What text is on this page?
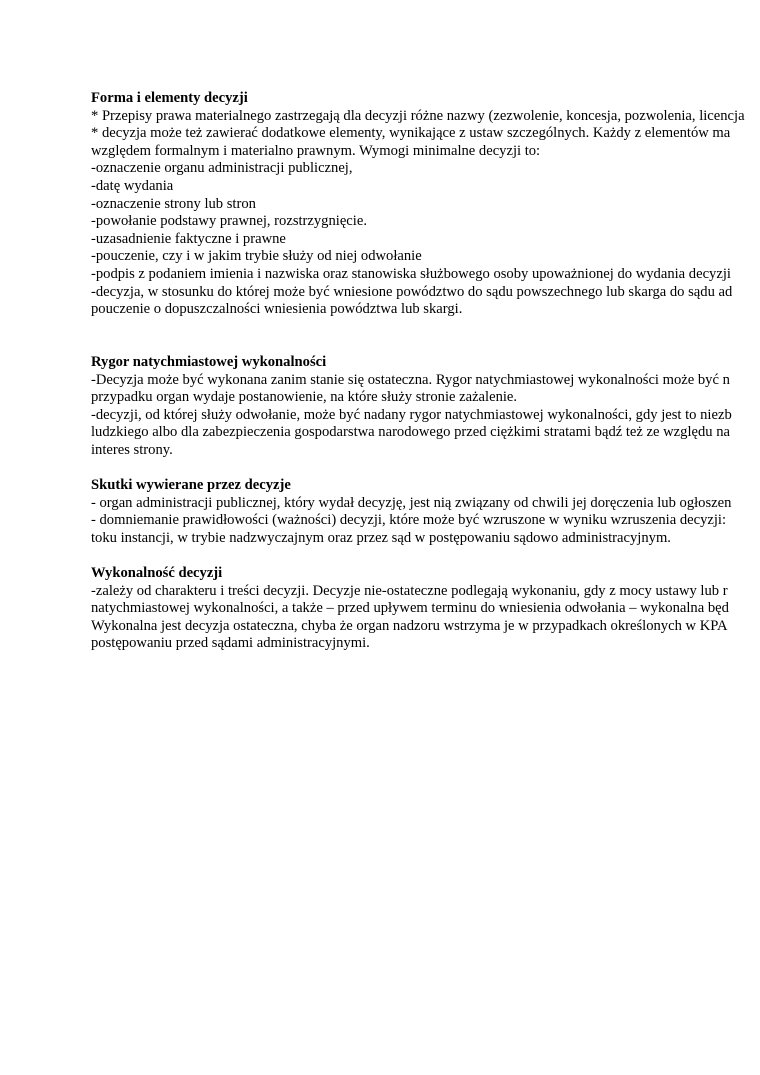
Forma i elementy decyzji
* Przepisy prawa materialnego zastrzegają dla decyzji różne nazwy (zezwolenie, koncesja, pozwolenia, licencja
* decyzja może też zawierać dodatkowe elementy, wynikające z ustaw szczególnych. Każdy z elementów ma
względem formalnym i materialno prawnym. Wymogi minimalne decyzji to:
-oznaczenie organu administracji publicznej,
-datę wydania
-oznaczenie strony lub stron
-powołanie podstawy prawnej, rozstrzygnięcie.
-uzasadnienie faktyczne i prawne
-pouczenie, czy i w jakim trybie służy od niej odwołanie
-podpis z podaniem imienia i nazwiska oraz stanowiska służbowego osoby upoważnionej do wydania decyzji
-decyzja, w stosunku do której może być wniesione powództwo do sądu powszechnego lub skarga do sądu ad
pouczenie o dopuszczalności wniesienia powództwa lub skargi.
Rygor natychmiastowej wykonalności
-Decyzja może być wykonana zanim stanie się ostateczna. Rygor natychmiastowej wykonalności może być n
przypadku organ wydaje postanowienie, na które służy stronie zażalenie.
-decyzji, od której służy odwołanie, może być nadany rygor natychmiastowej wykonalności, gdy jest to niezb
ludzkiego albo dla zabezpieczenia gospodarstwa narodowego przed ciężkimi stratami bądź też ze względu na
interes strony.
Skutki wywierane przez decyzje
- organ administracji publicznej, który wydał decyzję, jest nią związany od chwili jej doręczenia lub ogłoszen
- domniemanie prawidłowości (ważności) decyzji, które może być wzruszone w wyniku wzruszenia decyzji:
toku instancji, w trybie nadzwyczajnym oraz przez sąd w postępowaniu sądowo administracyjnym.
Wykonalność decyzji
-zależy od charakteru i treści decyzji. Decyzje nie-ostateczne podlegają wykonaniu, gdy z mocy ustawy lub r
natychmiastowej wykonalności, a także – przed upływem terminu do wniesienia odwołania – wykonalna będ
Wykonalna jest decyzja ostateczna, chyba że organ nadzoru wstrzyma je w przypadkach określonych w KPA
postępowaniu przed sądami administracyjnymi.
